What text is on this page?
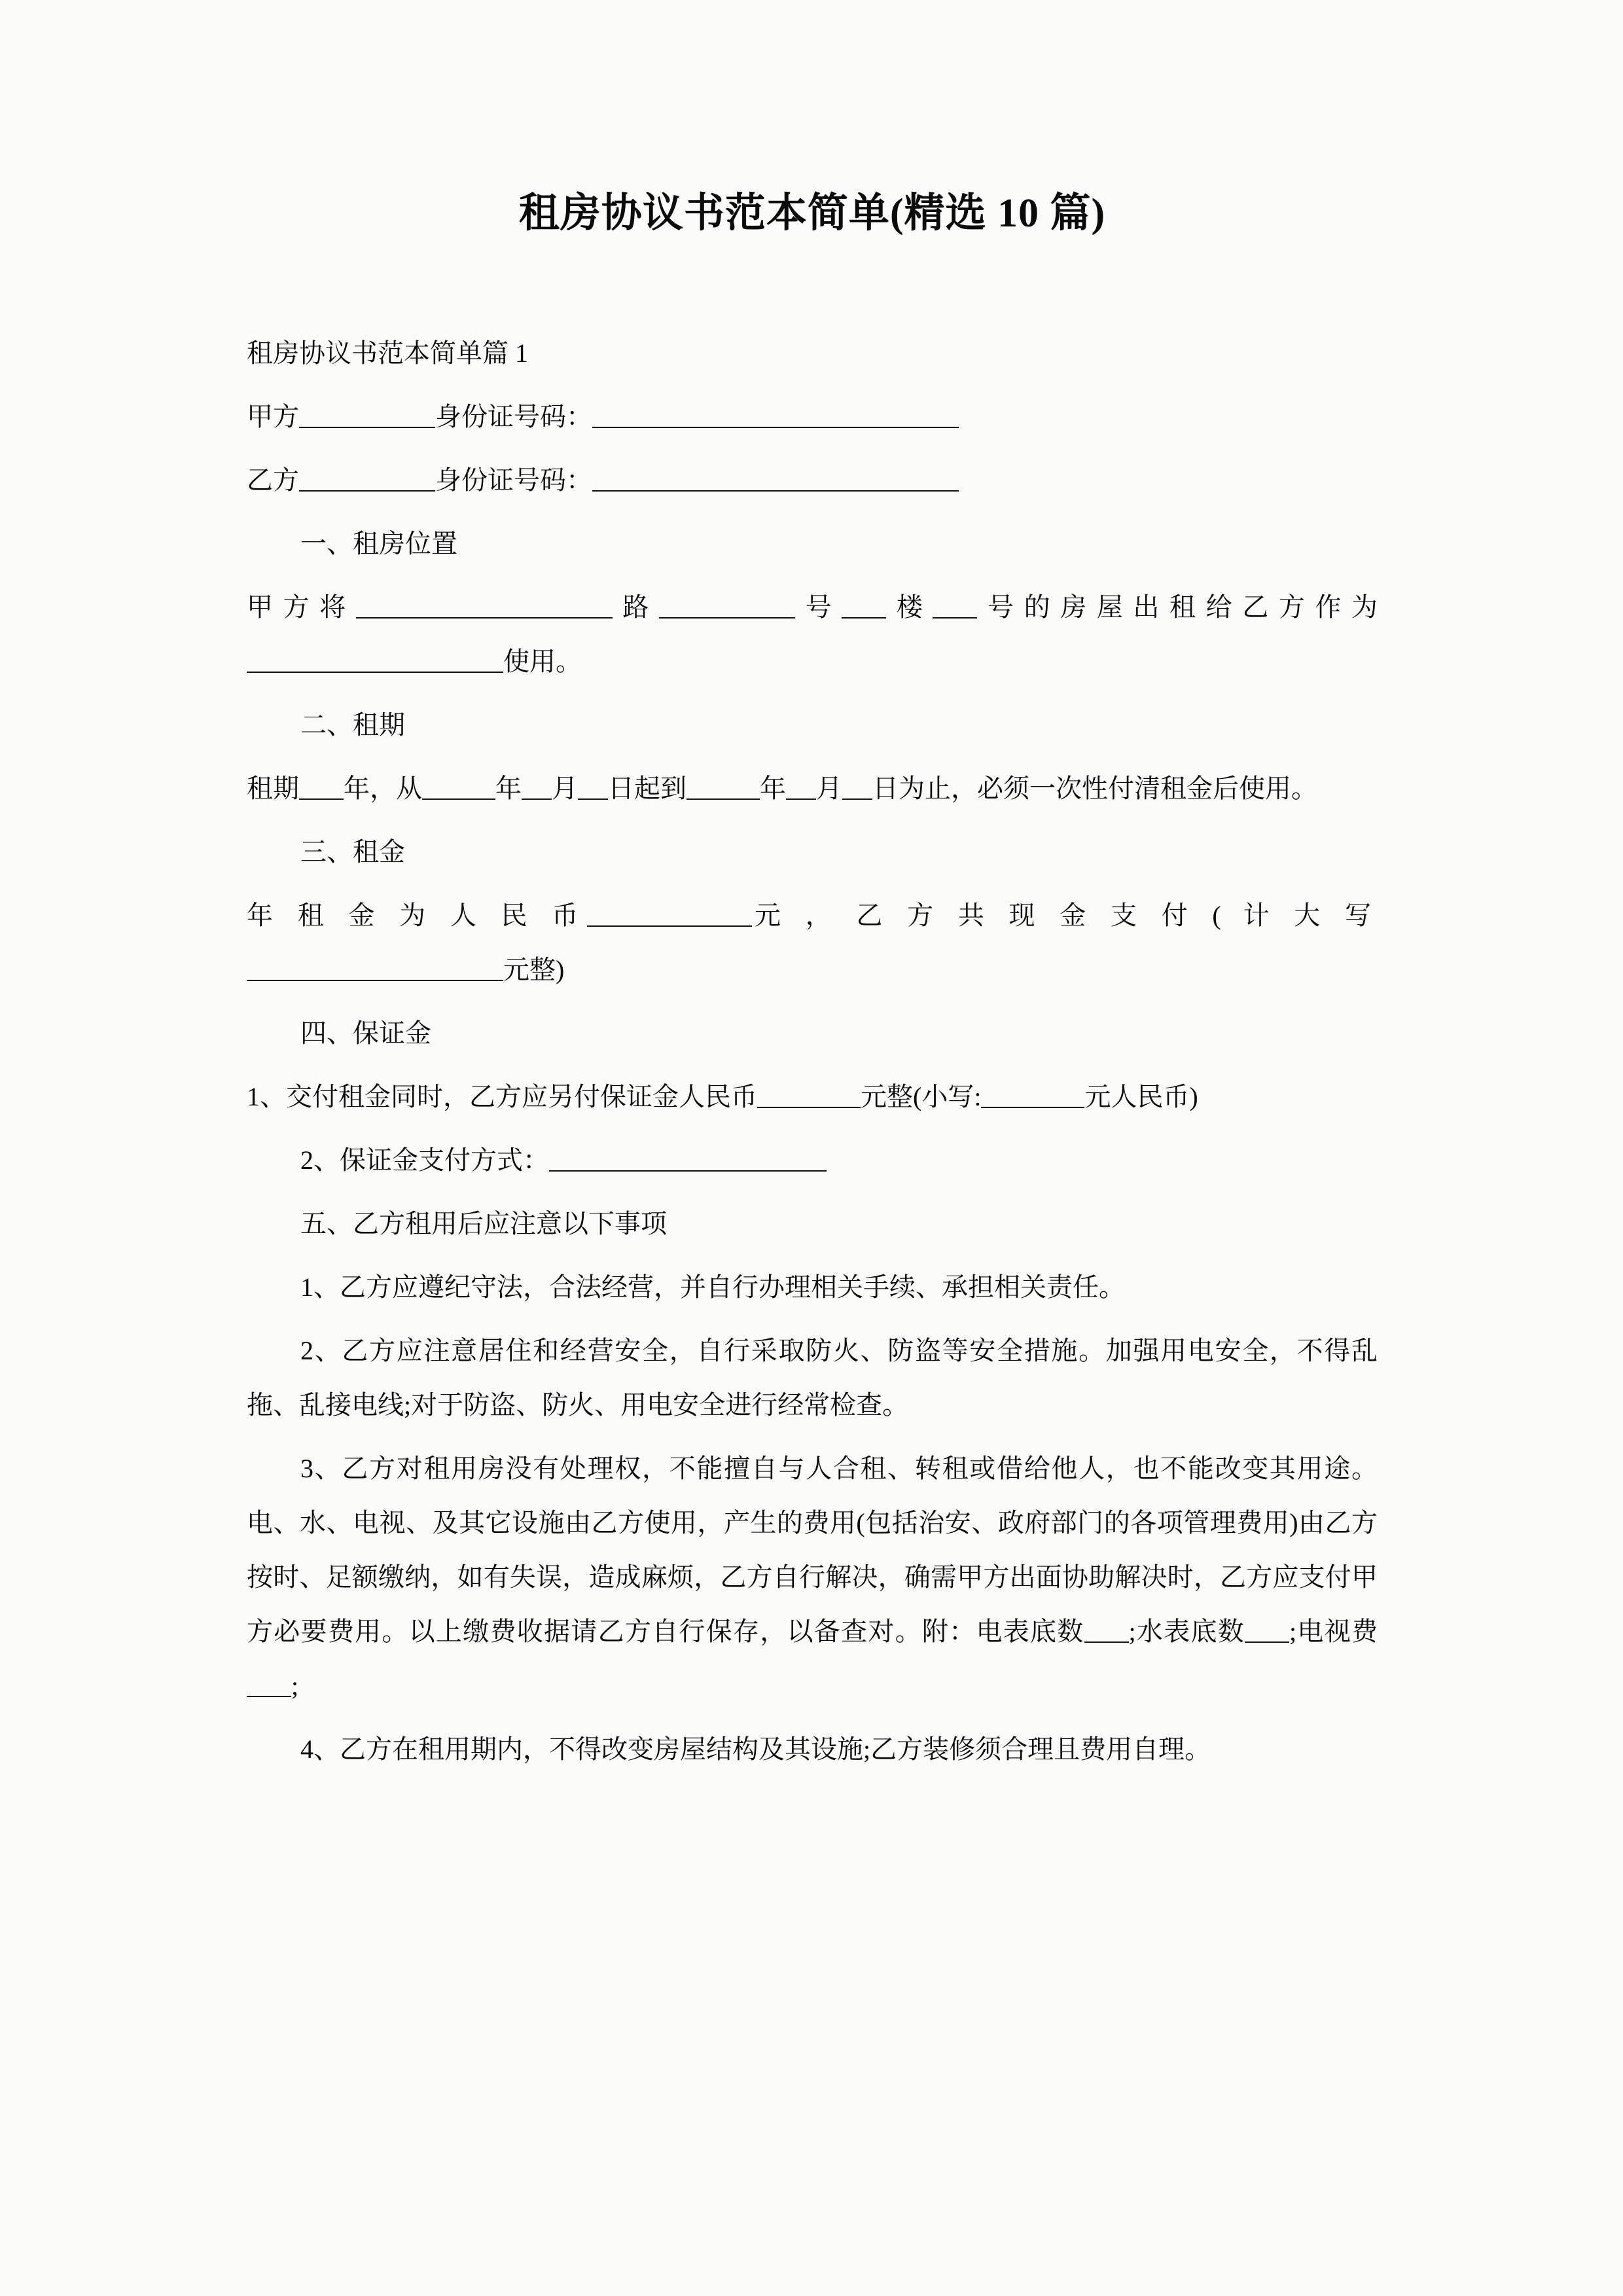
租房协议书范本简单(精选 10 篇)

租房协议书范本简单篇 1

甲方	身份证号码：

乙方	身份证号码：

一、租房位置

甲方将	路	号 楼 号的房屋出租给乙方作为使用。

二、租期

租期 年，从	年 月 日起到	年 月 日为止，必须一次性付清租金后使用。

三、租金

年 租 金 为 人 民 币	元 ， 乙 方 共 现 金 支 付 ( 计 大 写元整)

四、保证金

1、交付租金同时，乙方应另付保证金人民币	元整(小写:	元人民币)

2、保证金支付方式：

五、乙方租用后应注意以下事项

1、乙方应遵纪守法，合法经营，并自行办理相关手续、承担相关责任。

2、乙方应注意居住和经营安全，自行采取防火、防盗等安全措施。加强用电安全，不得乱拖、乱接电线;对于防盗、防火、用电安全进行经常检查。

3、乙方对租用房没有处理权，不能擅自与人合租、转租或借给他人，也不能改变其用途。电、水、电视、及其它设施由乙方使用，产生的费用(包括治安、政府部门的各项管理费用)由乙方按时、足额缴纳，如有失误，造成麻烦，乙方自行解决，确需甲方出面协助解决时，乙方应支付甲方必要费用。以上缴费收据请乙方自行保存，以备查对。附：电表底数 ;水表底数 ;电视费;

4、乙方在租用期内，不得改变房屋结构及其设施;乙方装修须合理且费用自理。
